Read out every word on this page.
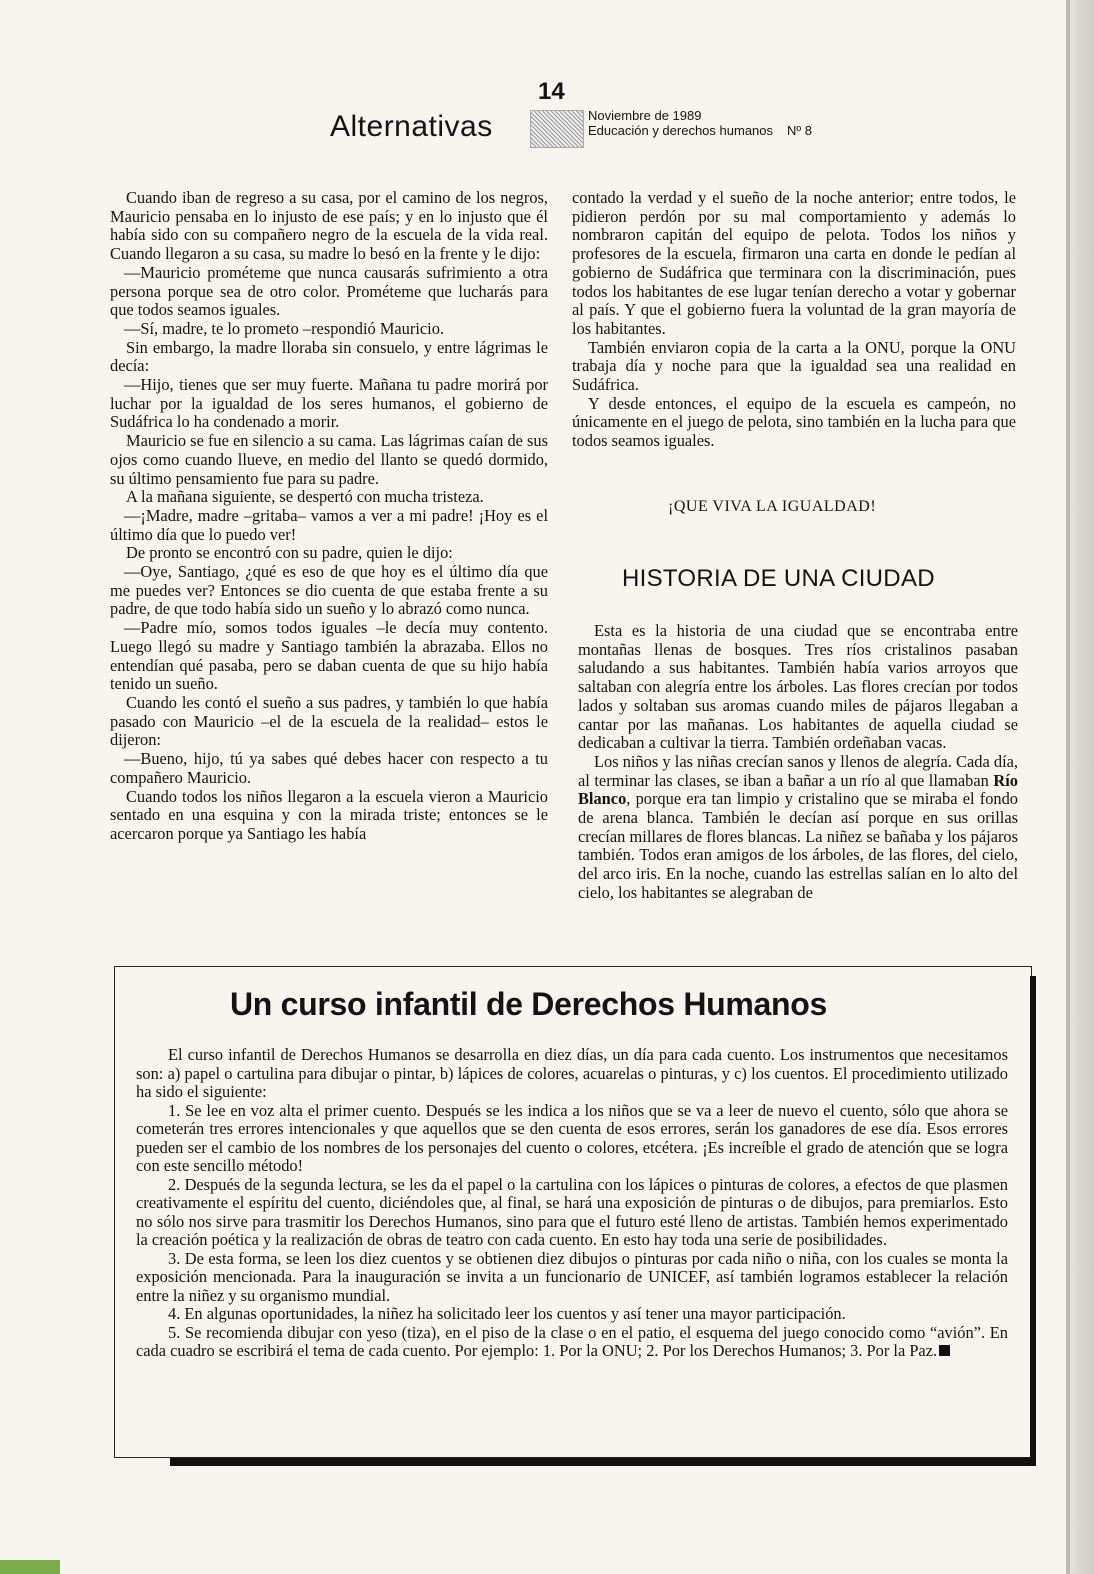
14
Alternativas	Noviembre de 1989
Educación y derechos humanos Nº 8

Cuando iban de regreso a su casa, por el camino de los negros, Mauricio pensaba en lo injusto de ese país; y en lo injusto que él había sido con su compañero negro de la escuela de la vida real. Cuando llegaron a su casa, su madre lo besó en la frente y le dijo:

—Mauricio prométeme que nunca causarás sufrimiento a otra persona porque sea de otro color. Prométeme que lucharás para que todos seamos iguales.

—Sí, madre, te lo prometo –respondió Mauricio.

Sin embargo, la madre lloraba sin consuelo, y entre lágrimas le decía:

—Hijo, tienes que ser muy fuerte. Mañana tu padre morirá por luchar por la igualdad de los seres humanos, el gobierno de Sudáfrica lo ha condenado a morir.

Mauricio se fue en silencio a su cama. Las lágrimas caían de sus ojos como cuando llueve, en medio del llanto se quedó dormido, su último pensamiento fue para su padre.

A la mañana siguiente, se despertó con mucha tristeza.

—¡Madre, madre –gritaba– vamos a ver a mi padre! ¡Hoy es el último día que lo puedo ver!

De pronto se encontró con su padre, quien le dijo:

—Oye, Santiago, ¿qué es eso de que hoy es el último día que me puedes ver? Entonces se dio cuenta de que estaba frente a su padre, de que todo había sido un sueño y lo abrazó como nunca.

—Padre mío, somos todos iguales –le decía muy contento. Luego llegó su madre y Santiago también la abrazaba. Ellos no entendían qué pasaba, pero se daban cuenta de que su hijo había tenido un sueño.

Cuando les contó el sueño a sus padres, y también lo que había pasado con Mauricio –el de la escuela de la realidad– estos le dijeron:

—Bueno, hijo, tú ya sabes qué debes hacer con respecto a tu compañero Mauricio.

Cuando todos los niños llegaron a la escuela vieron a Mauricio sentado en una esquina y con la mirada triste; entonces se le acercaron porque ya Santiago les había

contado la verdad y el sueño de la noche anterior; entre todos, le pidieron perdón por su mal comportamiento y además lo nombraron capitán del equipo de pelota. Todos los niños y profesores de la escuela, firmaron una carta en donde le pedían al gobierno de Sudáfrica que terminara con la discriminación, pues todos los habitantes de ese lugar tenían derecho a votar y gobernar al país. Y que el gobierno fuera la voluntad de la gran mayoría de los habitantes.

También enviaron copia de la carta a la ONU, porque la ONU trabaja día y noche para que la igualdad sea una realidad en Sudáfrica.

Y desde entonces, el equipo de la escuela es campeón, no únicamente en el juego de pelota, sino también en la lucha para que todos seamos iguales.

¡QUE VIVA LA IGUALDAD!
HISTORIA DE UNA CIUDAD

Esta es la historia de una ciudad que se encontraba entre montañas llenas de bosques. Tres ríos cristalinos pasaban saludando a sus habitantes. También había varios arroyos que saltaban con alegría entre los árboles. Las flores crecían por todos lados y soltaban sus aromas cuando miles de pájaros llegaban a cantar por las mañanas. Los habitantes de aquella ciudad se dedicaban a cultivar la tierra. También ordeñaban vacas.

Los niños y las niñas crecían sanos y llenos de alegría. Cada día, al terminar las clases, se iban a bañar a un río al que llamaban Río Blanco, porque era tan limpio y cristalino que se miraba el fondo de arena blanca. También le decían así porque en sus orillas crecían millares de flores blancas. La niñez se bañaba y los pájaros también. Todos eran amigos de los árboles, de las flores, del cielo, del arco iris. En la noche, cuando las estrellas salían en lo alto del cielo, los habitantes se alegraban de

Un curso infantil de Derechos Humanos

El curso infantil de Derechos Humanos se desarrolla en diez días, un día para cada cuento. Los instrumentos que necesitamos son: a) papel o cartulina para dibujar o pintar, b) lápices de colores, acuarelas o pinturas, y c) los cuentos. El procedimiento utilizado ha sido el siguiente:

1. Se lee en voz alta el primer cuento. Después se les indica a los niños que se va a leer de nuevo el cuento, sólo que ahora se cometerán tres errores intencionales y que aquellos que se den cuenta de esos errores, serán los ganadores de ese día. Esos errores pueden ser el cambio de los nombres de los personajes del cuento o colores, etcétera. ¡Es increíble el grado de atención que se logra con este sencillo método!

2. Después de la segunda lectura, se les da el papel o la cartulina con los lápices o pinturas de colores, a efectos de que plasmen creativamente el espíritu del cuento, diciéndoles que, al final, se hará una exposición de pinturas o de dibujos, para premiarlos. Esto no sólo nos sirve para trasmitir los Derechos Humanos, sino para que el futuro esté lleno de artistas. También hemos experimentado la creación poética y la realización de obras de teatro con cada cuento. En esto hay toda una serie de posibilidades.

3. De esta forma, se leen los diez cuentos y se obtienen diez dibujos o pinturas por cada niño o niña, con los cuales se monta la exposición mencionada. Para la inauguración se invita a un funcionario de UNICEF, así también logramos establecer la relación entre la niñez y su organismo mundial.

4. En algunas oportunidades, la niñez ha solicitado leer los cuentos y así tener una mayor participación.

5. Se recomienda dibujar con yeso (tiza), en el piso de la clase o en el patio, el esquema del juego conocido como “avión”. En cada cuadro se escribirá el tema de cada cuento. Por ejemplo: 1. Por la ONU; 2. Por los Derechos Humanos; 3. Por la Paz.
